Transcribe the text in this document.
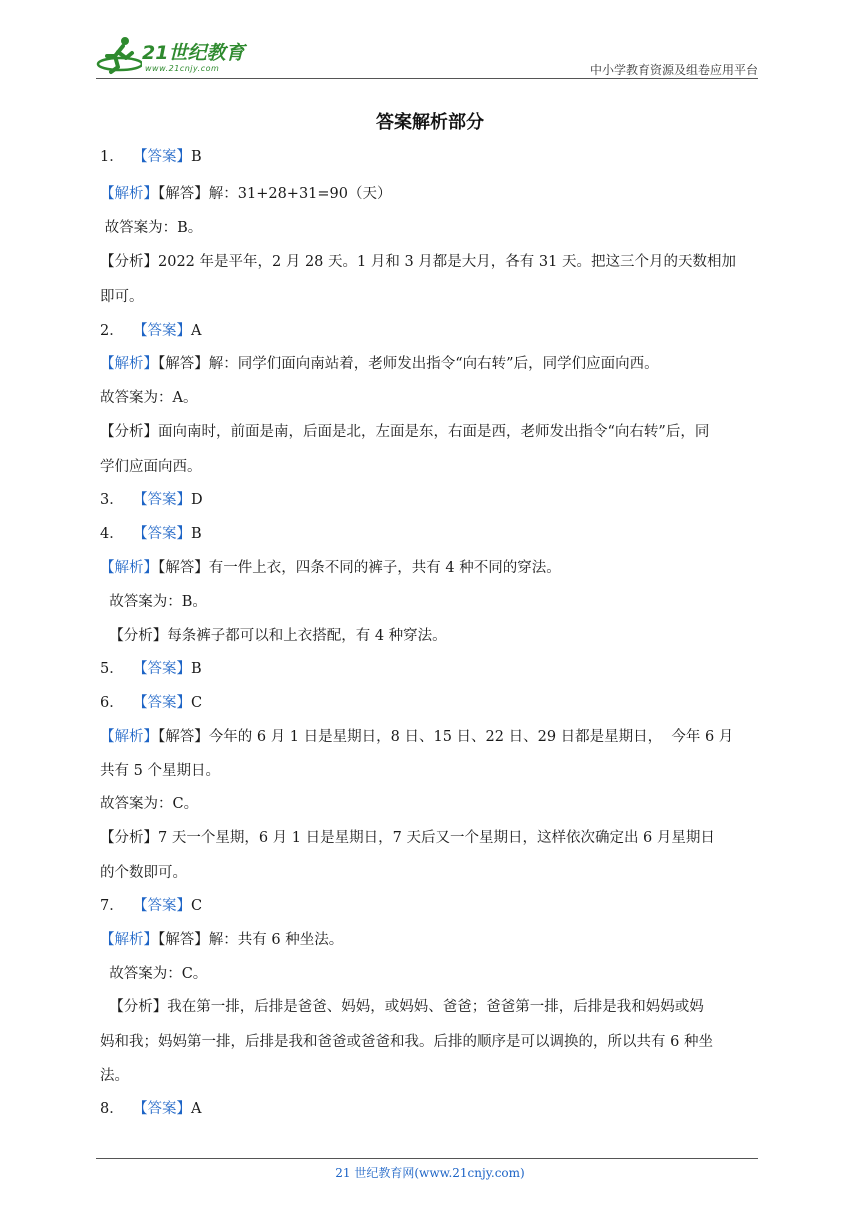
21世纪教育
www.21cnjy.com	中小学教育资源及组卷应用平台
答案解析部分
1．  【答案】B
【解析】【解答】解：31+28+31=90（天）
故答案为：B。
【分析】2022 年是平年，2 月 28 天。1 月和 3 月都是大月，各有 31 天。把这三个月的天数相加
即可。
2．  【答案】A
【解析】【解答】解：同学们面向南站着，老师发出指令“向右转”后，同学们应面向西。
故答案为：A。
【分析】面向南时，前面是南，后面是北，左面是东，右面是西，老师发出指令“向右转”后，同
学们应面向西。
3．  【答案】D
4．  【答案】B
【解析】【解答】有一件上衣，四条不同的裤子，共有 4 种不同的穿法。
故答案为：B。
【分析】每条裤子都可以和上衣搭配，有 4 种穿法。
5．  【答案】B
6．  【答案】C
【解析】【解答】今年的 6 月 1 日是星期日，8 日、15 日、22 日、29 日都是星期日，  今年 6 月
共有 5 个星期日。
故答案为：C。
【分析】7 天一个星期，6 月 1 日是星期日，7 天后又一个星期日，这样依次确定出 6 月星期日
的个数即可。
7．  【答案】C
【解析】【解答】解：共有 6 种坐法。
故答案为：C。
【分析】我在第一排，后排是爸爸、妈妈，或妈妈、爸爸；爸爸第一排，后排是我和妈妈或妈
妈和我；妈妈第一排，后排是我和爸爸或爸爸和我。后排的顺序是可以调换的，所以共有 6 种坐
法。
8．  【答案】A
21 世纪教育网(www.21cnjy.com)
